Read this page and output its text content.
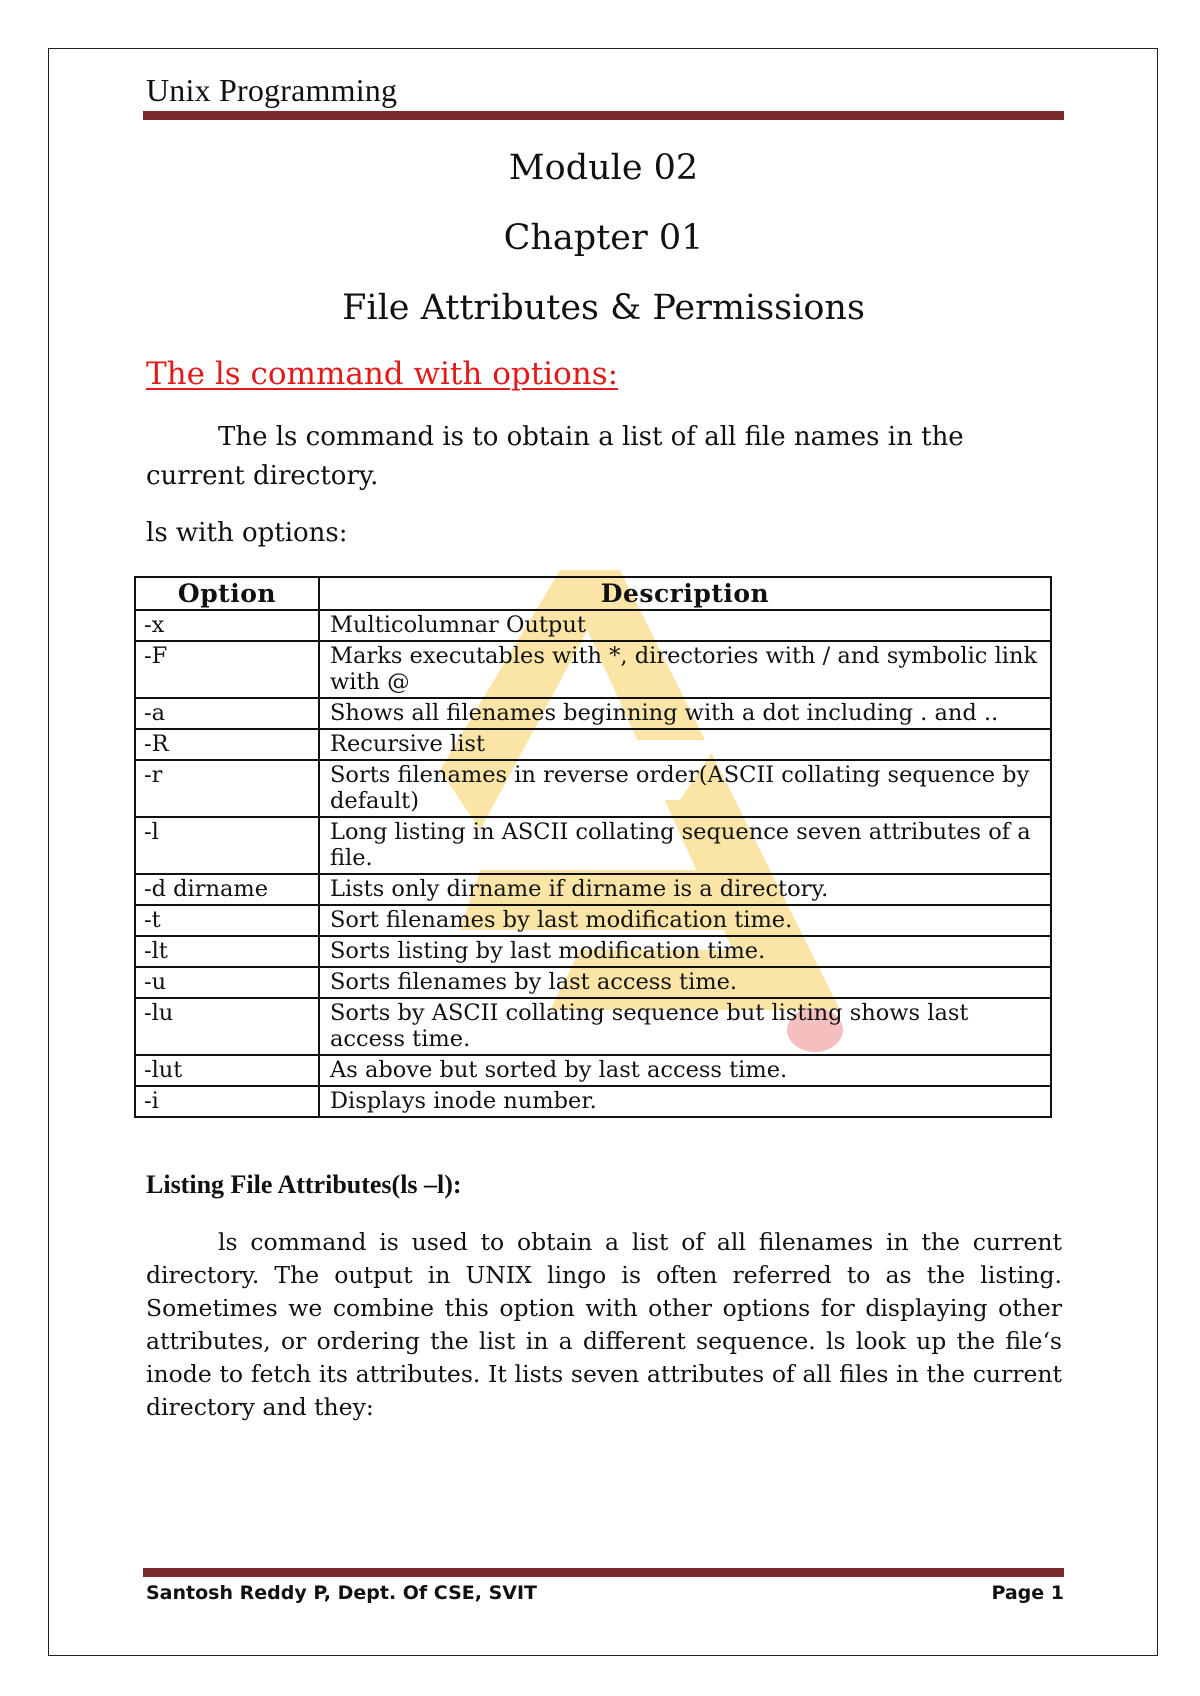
Unix Programming
Module 02
Chapter 01
File Attributes & Permissions
The ls command with options:
The ls command is to obtain a list of all file names in the current directory.
ls with options:
Option	Description
-x	Multicolumnar Output
-F	Marks executables with *, directories with / and symbolic link with @
-a	Shows all filenames beginning with a dot including . and ..
-R	Recursive list
-r	Sorts filenames in reverse order(ASCII collating sequence by default)
-l	Long listing in ASCII collating sequence seven attributes of a file.
-d dirname	Lists only dirname if dirname is a directory.
-t	Sort filenames by last modification time.
-lt	Sorts listing by last modification time.
-u	Sorts filenames by last access time.
-lu	Sorts by ASCII collating sequence but listing shows last access time.
-lut	As above but sorted by last access time.
-i	Displays inode number.
Listing File Attributes(ls –l):
ls command is used to obtain a list of all filenames in the current directory. The output in UNIX lingo is often referred to as the listing. Sometimes we combine this option with other options for displaying other attributes, or ordering the list in a different sequence. ls look up the file‘s inode to fetch its attributes. It lists seven attributes of all files in the current directory and they:
Santosh Reddy P, Dept. Of CSE, SVIT	Page 1
